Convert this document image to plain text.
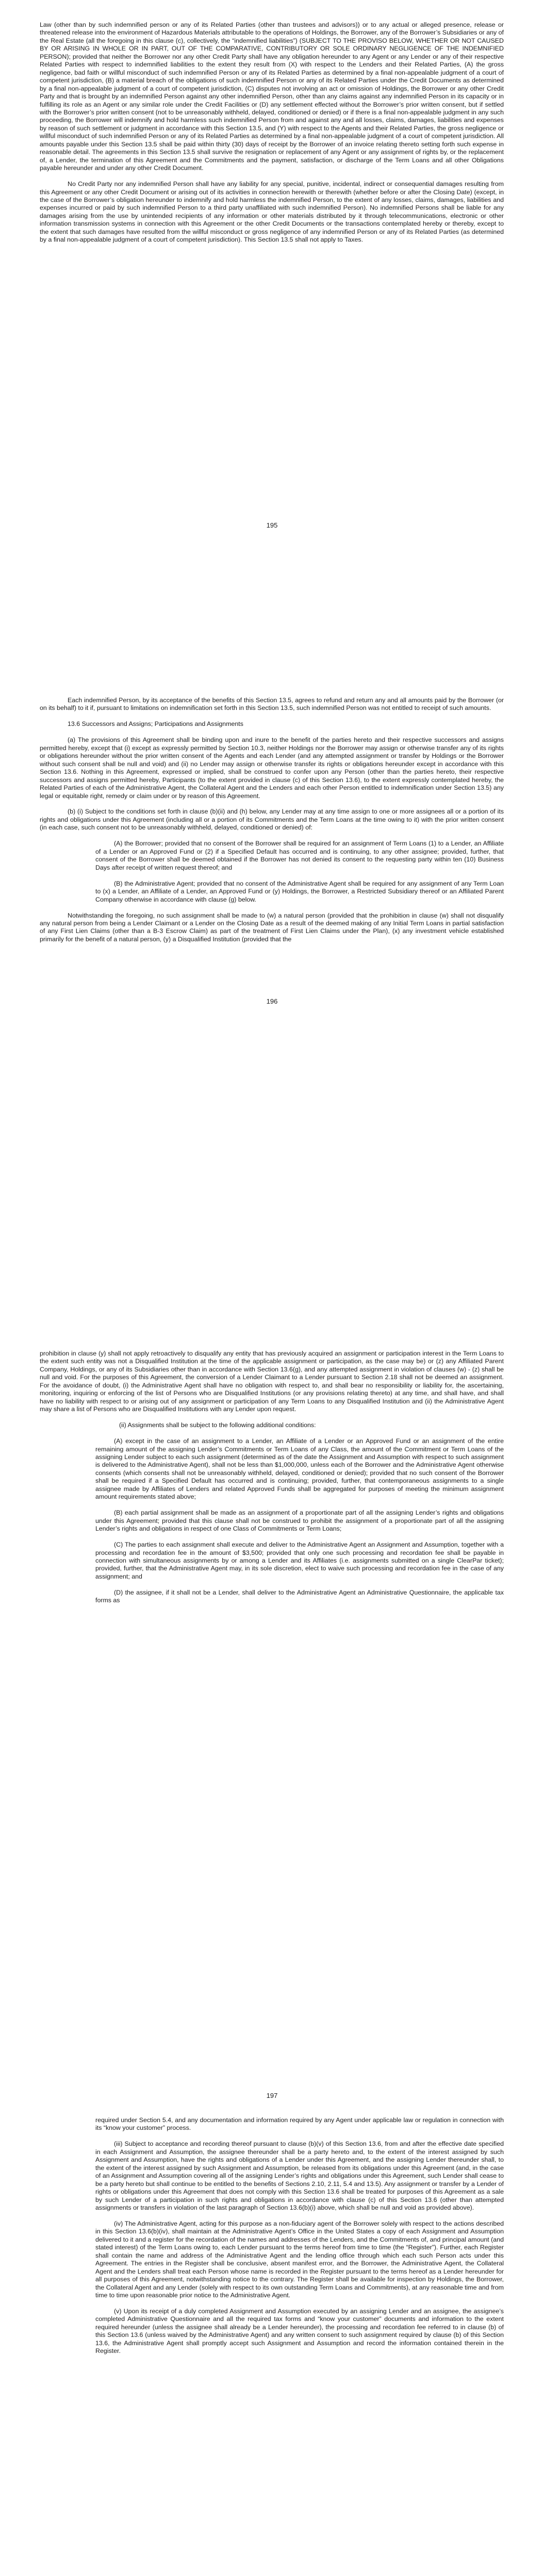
Law (other than by such indemnified person or any of its Related Parties (other than trustees and advisors)) or to any actual or alleged presence, release or threatened release into the environment of Hazardous Materials attributable to the operations of Holdings, the Borrower, any of the Borrower’s Subsidiaries or any of the Real Estate (all the foregoing in this clause (c), collectively, the “indemnified liabilities”) (SUBJECT TO THE PROVISO BELOW, WHETHER OR NOT CAUSED BY OR ARISING IN WHOLE OR IN PART, OUT OF THE COMPARATIVE, CONTRIBUTORY OR SOLE ORDINARY NEGLIGENCE OF THE INDEMNIFIED PERSON); provided that neither the Borrower nor any other Credit Party shall have any obligation hereunder to any Agent or any Lender or any of their respective Related Parties with respect to indemnified liabilities to the extent they result from (X) with respect to the Lenders and their Related Parties, (A) the gross negligence, bad faith or willful misconduct of such indemnified Person or any of its Related Parties as determined by a final non-appealable judgment of a court of competent jurisdiction, (B) a material breach of the obligations of such indemnified Person or any of its Related Parties under the Credit Documents as determined by a final non-appealable judgment of a court of competent jurisdiction, (C) disputes not involving an act or omission of Holdings, the Borrower or any other Credit Party and that is brought by an indemnified Person against any other indemnified Person, other than any claims against any indemnified Person in its capacity or in fulfilling its role as an Agent or any similar role under the Credit Facilities or (D) any settlement effected without the Borrower’s prior written consent, but if settled with the Borrower’s prior written consent (not to be unreasonably withheld, delayed, conditioned or denied) or if there is a final non-appealable judgment in any such proceeding, the Borrower will indemnify and hold harmless such indemnified Person from and against any and all losses, claims, damages, liabilities and expenses by reason of such settlement or judgment in accordance with this Section 13.5, and (Y) with respect to the Agents and their Related Parties, the gross negligence or willful misconduct of such indemnified Person or any of its Related Parties as determined by a final non-appealable judgment of a court of competent jurisdiction. All amounts payable under this Section 13.5 shall be paid within thirty (30) days of receipt by the Borrower of an invoice relating thereto setting forth such expense in reasonable detail. The agreements in this Section 13.5 shall survive the resignation or replacement of any Agent or any assignment of rights by, or the replacement of, a Lender, the termination of this Agreement and the Commitments and the payment, satisfaction, or discharge of the Term Loans and all other Obligations payable hereunder and under any other Credit Document.

No Credit Party nor any indemnified Person shall have any liability for any special, punitive, incidental, indirect or consequential damages resulting from this Agreement or any other Credit Document or arising out of its activities in connection herewith or therewith (whether before or after the Closing Date) (except, in the case of the Borrower’s obligation hereunder to indemnify and hold harmless the indemnified Person, to the extent of any losses, claims, damages, liabilities and expenses incurred or paid by such indemnified Person to a third party unaffiliated with such indemnified Person). No indemnified Persons shall be liable for any damages arising from the use by unintended recipients of any information or other materials distributed by it through telecommunications, electronic or other information transmission systems in connection with this Agreement or the other Credit Documents or the transactions contemplated hereby or thereby, except to the extent that such damages have resulted from the willful misconduct or gross negligence of any indemnified Person or any of its Related Parties (as determined by a final non-appealable judgment of a court of competent jurisdiction). This Section 13.5 shall not apply to Taxes.

195

Each indemnified Person, by its acceptance of the benefits of this Section 13.5, agrees to refund and return any and all amounts paid by the Borrower (or on its behalf) to it if, pursuant to limitations on indemnification set forth in this Section 13.5, such indemnified Person was not entitled to receipt of such amounts.

13.6 Successors and Assigns; Participations and Assignments

(a) The provisions of this Agreement shall be binding upon and inure to the benefit of the parties hereto and their respective successors and assigns permitted hereby, except that (i) except as expressly permitted by Section 10.3, neither Holdings nor the Borrower may assign or otherwise transfer any of its rights or obligations hereunder without the prior written consent of the Agents and each Lender (and any attempted assignment or transfer by Holdings or the Borrower without such consent shall be null and void) and (ii) no Lender may assign or otherwise transfer its rights or obligations hereunder except in accordance with this Section 13.6. Nothing in this Agreement, expressed or implied, shall be construed to confer upon any Person (other than the parties hereto, their respective successors and assigns permitted hereby, Participants (to the extent provided in clause (c) of this Section 13.6), to the extent expressly contemplated hereby, the Related Parties of each of the Administrative Agent, the Collateral Agent and the Lenders and each other Person entitled to indemnification under Section 13.5) any legal or equitable right, remedy or claim under or by reason of this Agreement.

(b) (i) Subject to the conditions set forth in clause (b)(ii) and (h) below, any Lender may at any time assign to one or more assignees all or a portion of its rights and obligations under this Agreement (including all or a portion of its Commitments and the Term Loans at the time owing to it) with the prior written consent (in each case, such consent not to be unreasonably withheld, delayed, conditioned or denied) of:

(A) the Borrower; provided that no consent of the Borrower shall be required for an assignment of Term Loans (1) to a Lender, an Affiliate of a Lender or an Approved Fund or (2) if a Specified Default has occurred and is continuing, to any other assignee; provided, further, that consent of the Borrower shall be deemed obtained if the Borrower has not denied its consent to the requesting party within ten (10) Business Days after receipt of written request thereof; and

(B) the Administrative Agent; provided that no consent of the Administrative Agent shall be required for any assignment of any Term Loan to (x) a Lender, an Affiliate of a Lender, an Approved Fund or (y) Holdings, the Borrower, a Restricted Subsidiary thereof or an Affiliated Parent Company otherwise in accordance with clause (g) below.

Notwithstanding the foregoing, no such assignment shall be made to (w) a natural person (provided that the prohibition in clause (w) shall not disqualify any natural person from being a Lender Claimant or a Lender on the Closing Date as a result of the deemed making of any Initial Term Loans in partial satisfaction of any First Lien Claims (other than a B-3 Escrow Claim) as part of the treatment of First Lien Claims under the Plan), (x) any investment vehicle established primarily for the benefit of a natural person, (y) a Disqualified Institution (provided that the

196

prohibition in clause (y) shall not apply retroactively to disqualify any entity that has previously acquired an assignment or participation interest in the Term Loans to the extent such entity was not a Disqualified Institution at the time of the applicable assignment or participation, as the case may be) or (z) any Affiliated Parent Company, Holdings, or any of its Subsidiaries other than in accordance with Section 13.6(g), and any attempted assignment in violation of clauses (w) - (z) shall be null and void. For the purposes of this Agreement, the conversion of a Lender Claimant to a Lender pursuant to Section 2.18 shall not be deemed an assignment. For the avoidance of doubt, (i) the Administrative Agent shall have no obligation with respect to, and shall bear no responsibility or liability for, the ascertaining, monitoring, inquiring or enforcing of the list of Persons who are Disqualified Institutions (or any provisions relating thereto) at any time, and shall have, and shall have no liability with respect to or arising out of any assignment or participation of any Term Loans to any Disqualified Institution and (ii) the Administrative Agent may share a list of Persons who are Disqualified Institutions with any Lender upon request.

(ii) Assignments shall be subject to the following additional conditions:

(A) except in the case of an assignment to a Lender, an Affiliate of a Lender or an Approved Fund or an assignment of the entire remaining amount of the assigning Lender’s Commitments or Term Loans of any Class, the amount of the Commitment or Term Loans of the assigning Lender subject to each such assignment (determined as of the date the Assignment and Assumption with respect to such assignment is delivered to the Administrative Agent), shall not be less than $1,000,000, unless each of the Borrower and the Administrative Agent otherwise consents (which consents shall not be unreasonably withheld, delayed, conditioned or denied); provided that no such consent of the Borrower shall be required if a Specified Default has occurred and is continuing; provided, further, that contemporaneous assignments to a single assignee made by Affiliates of Lenders and related Approved Funds shall be aggregated for purposes of meeting the minimum assignment amount requirements stated above;

(B) each partial assignment shall be made as an assignment of a proportionate part of all the assigning Lender’s rights and obligations under this Agreement; provided that this clause shall not be construed to prohibit the assignment of a proportionate part of all the assigning Lender’s rights and obligations in respect of one Class of Commitments or Term Loans;

(C) The parties to each assignment shall execute and deliver to the Administrative Agent an Assignment and Assumption, together with a processing and recordation fee in the amount of $3,500; provided that only one such processing and recordation fee shall be payable in connection with simultaneous assignments by or among a Lender and its Affiliates (i.e. assignments submitted on a single ClearPar ticket); provided, further, that the Administrative Agent may, in its sole discretion, elect to waive such processing and recordation fee in the case of any assignment; and

(D) the assignee, if it shall not be a Lender, shall deliver to the Administrative Agent an Administrative Questionnaire, the applicable tax forms as

197

required under Section 5.4, and any documentation and information required by any Agent under applicable law or regulation in connection with its “know your customer” process.

(iii) Subject to acceptance and recording thereof pursuant to clause (b)(v) of this Section 13.6, from and after the effective date specified in each Assignment and Assumption, the assignee thereunder shall be a party hereto and, to the extent of the interest assigned by such Assignment and Assumption, have the rights and obligations of a Lender under this Agreement, and the assigning Lender thereunder shall, to the extent of the interest assigned by such Assignment and Assumption, be released from its obligations under this Agreement (and, in the case of an Assignment and Assumption covering all of the assigning Lender’s rights and obligations under this Agreement, such Lender shall cease to be a party hereto but shall continue to be entitled to the benefits of Sections 2.10, 2.11, 5.4 and 13.5). Any assignment or transfer by a Lender of rights or obligations under this Agreement that does not comply with this Section 13.6 shall be treated for purposes of this Agreement as a sale by such Lender of a participation in such rights and obligations in accordance with clause (c) of this Section 13.6 (other than attempted assignments or transfers in violation of the last paragraph of Section 13.6(b)(i) above, which shall be null and void as provided above).

(iv) The Administrative Agent, acting for this purpose as a non-fiduciary agent of the Borrower solely with respect to the actions described in this Section 13.6(b)(iv), shall maintain at the Administrative Agent’s Office in the United States a copy of each Assignment and Assumption delivered to it and a register for the recordation of the names and addresses of the Lenders, and the Commitments of, and principal amount (and stated interest) of the Term Loans owing to, each Lender pursuant to the terms hereof from time to time (the “Register”). Further, each Register shall contain the name and address of the Administrative Agent and the lending office through which each such Person acts under this Agreement. The entries in the Register shall be conclusive, absent manifest error, and the Borrower, the Administrative Agent, the Collateral Agent and the Lenders shall treat each Person whose name is recorded in the Register pursuant to the terms hereof as a Lender hereunder for all purposes of this Agreement, notwithstanding notice to the contrary. The Register shall be available for inspection by Holdings, the Borrower, the Collateral Agent and any Lender (solely with respect to its own outstanding Term Loans and Commitments), at any reasonable time and from time to time upon reasonable prior notice to the Administrative Agent.

(v) Upon its receipt of a duly completed Assignment and Assumption executed by an assigning Lender and an assignee, the assignee’s completed Administrative Questionnaire and all the required tax forms and “know your customer” documents and information to the extent required hereunder (unless the assignee shall already be a Lender hereunder), the processing and recordation fee referred to in clause (b) of this Section 13.6 (unless waived by the Administrative Agent) and any written consent to such assignment required by clause (b) of this Section 13.6, the Administrative Agent shall promptly accept such Assignment and Assumption and record the information contained therein in the Register.
